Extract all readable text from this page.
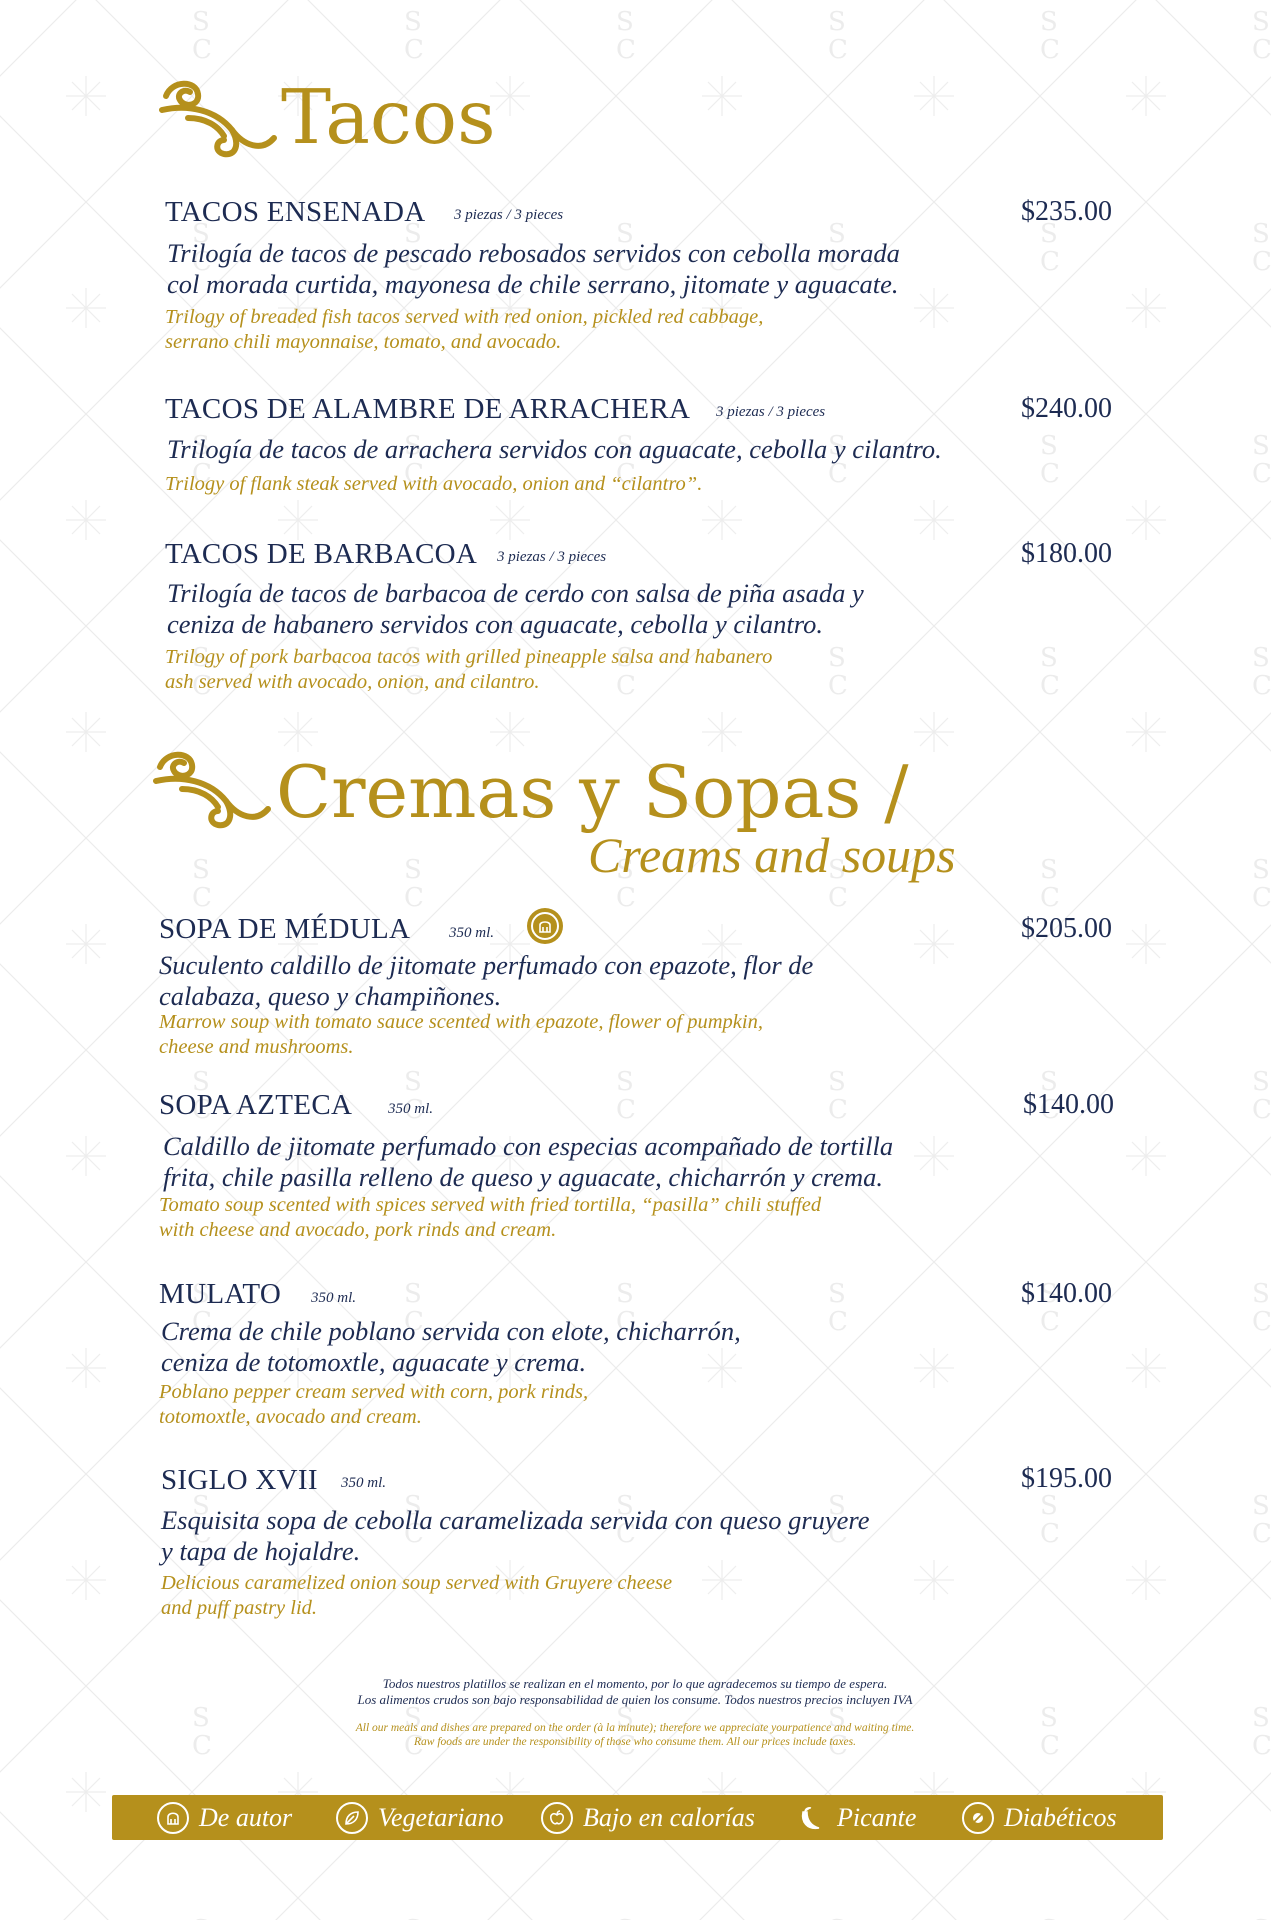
Tacos
TACOS ENSENADA 3 piezas / 3 pieces	$235.00
Trilogía de tacos de pescado rebosados servidos con cebolla morada
col morada curtida, mayonesa de chile serrano, jitomate y aguacate.
Trilogy of breaded fish tacos served with red onion, pickled red cabbage,
serrano chili mayonnaise, tomato, and avocado.
TACOS DE ALAMBRE DE ARRACHERA 3 piezas / 3 pieces	$240.00
Trilogía de tacos de arrachera servidos con aguacate, cebolla y cilantro.
Trilogy of flank steak served with avocado, onion and “cilantro”.
TACOS DE BARBACOA 3 piezas / 3 pieces	$180.00
Trilogía de tacos de barbacoa de cerdo con salsa de piña asada y
ceniza de habanero servidos con aguacate, cebolla y cilantro.
Trilogy of pork barbacoa tacos with grilled pineapple salsa and habanero
ash served with avocado, onion, and cilantro.
Cremas y Sopas /
Creams and soups
SOPA DE MÉDULA	350 ml.	$205.00
Suculento caldillo de jitomate perfumado con epazote, flor de
calabaza, queso y champiñones.
Marrow soup with tomato sauce scented with epazote, flower of pumpkin,
cheese and mushrooms.
SOPA AZTECA 350 ml.	$140.00
Caldillo de jitomate perfumado con especias acompañado de tortilla
frita, chile pasilla relleno de queso y aguacate, chicharrón y crema.
Tomato soup scented with spices served with fried tortilla, “pasilla” chili stuffed
with cheese and avocado, pork rinds and cream.
MULATO 350 ml.	$140.00
Crema de chile poblano servida con elote, chicharrón,
ceniza de totomoxtle, aguacate y crema.
Poblano pepper cream served with corn, pork rinds,
totomoxtle, avocado and cream.
SIGLO XVII 350 ml.	$195.00
Esquisita sopa de cebolla caramelizada servida con queso gruyere
y tapa de hojaldre.
Delicious caramelized onion soup served with Gruyere cheese
and puff pastry lid.
Todos nuestros platillos se realizan en el momento, por lo que agradecemos su tiempo de espera.
Los alimentos crudos son bajo responsabilidad de quien los consume. Todos nuestros precios incluyen IVA
All our meals and dishes are prepared on the order (à la minute); therefore we appreciate yourpatience and waiting time.
Raw foods are under the responsibility of those who consume them. All our prices include taxes.
De autor	Vegetariano	Bajo en calorías	Picante	Diabéticos
